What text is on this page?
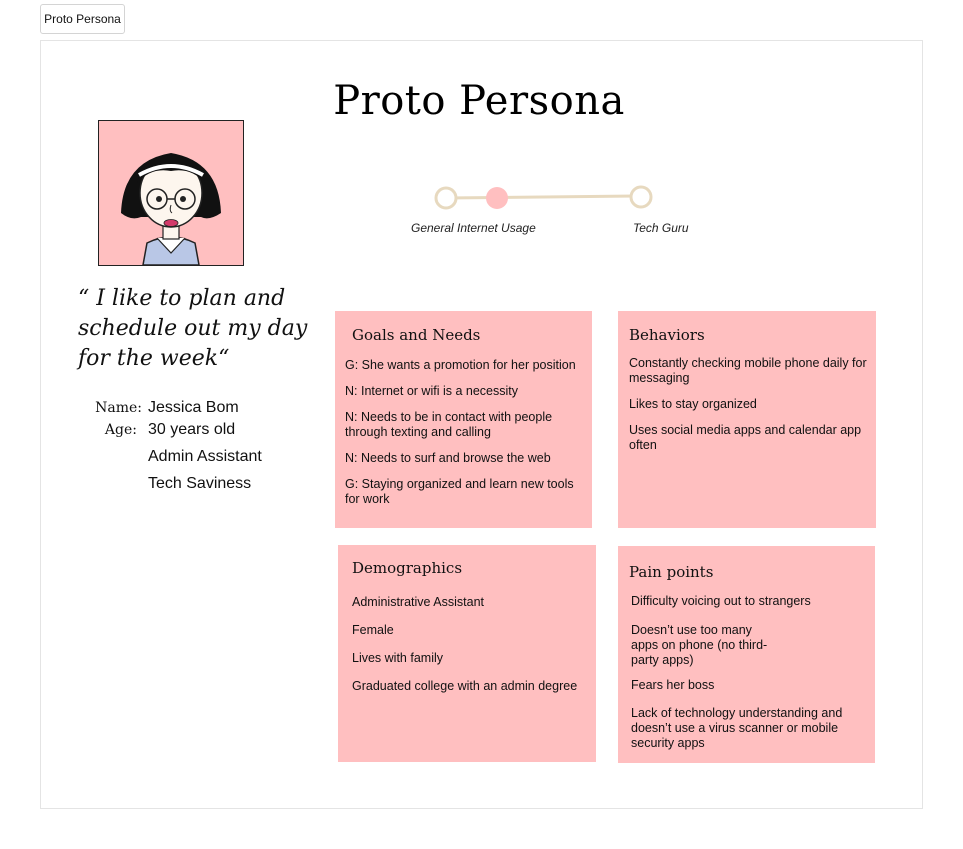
Proto Persona
Proto Persona
General Internet Usage	Tech Guru
“ I like to plan and schedule out my day for the week“
Name: Jessica Bom
Age: 30 years old
Admin Assistant
Tech Saviness
Goals and Needs
G: She wants a promotion for her position
N: Internet or wifi is a necessity
N: Needs to be in contact with people through texting and calling
N: Needs to surf and browse the web
G: Staying organized and learn new tools for work
Behaviors
Constantly checking mobile phone daily for messaging
Likes to stay organized
Uses social media apps and calendar app often
Demographics
Administrative Assistant
Female
Lives with family
Graduated college with an admin degree
Pain points
Difficulty voicing out to strangers
Doesn’t use too many apps on phone (no third-party apps)
Fears her boss
Lack of technology understanding and doesn’t use a virus scanner or mobile security apps
